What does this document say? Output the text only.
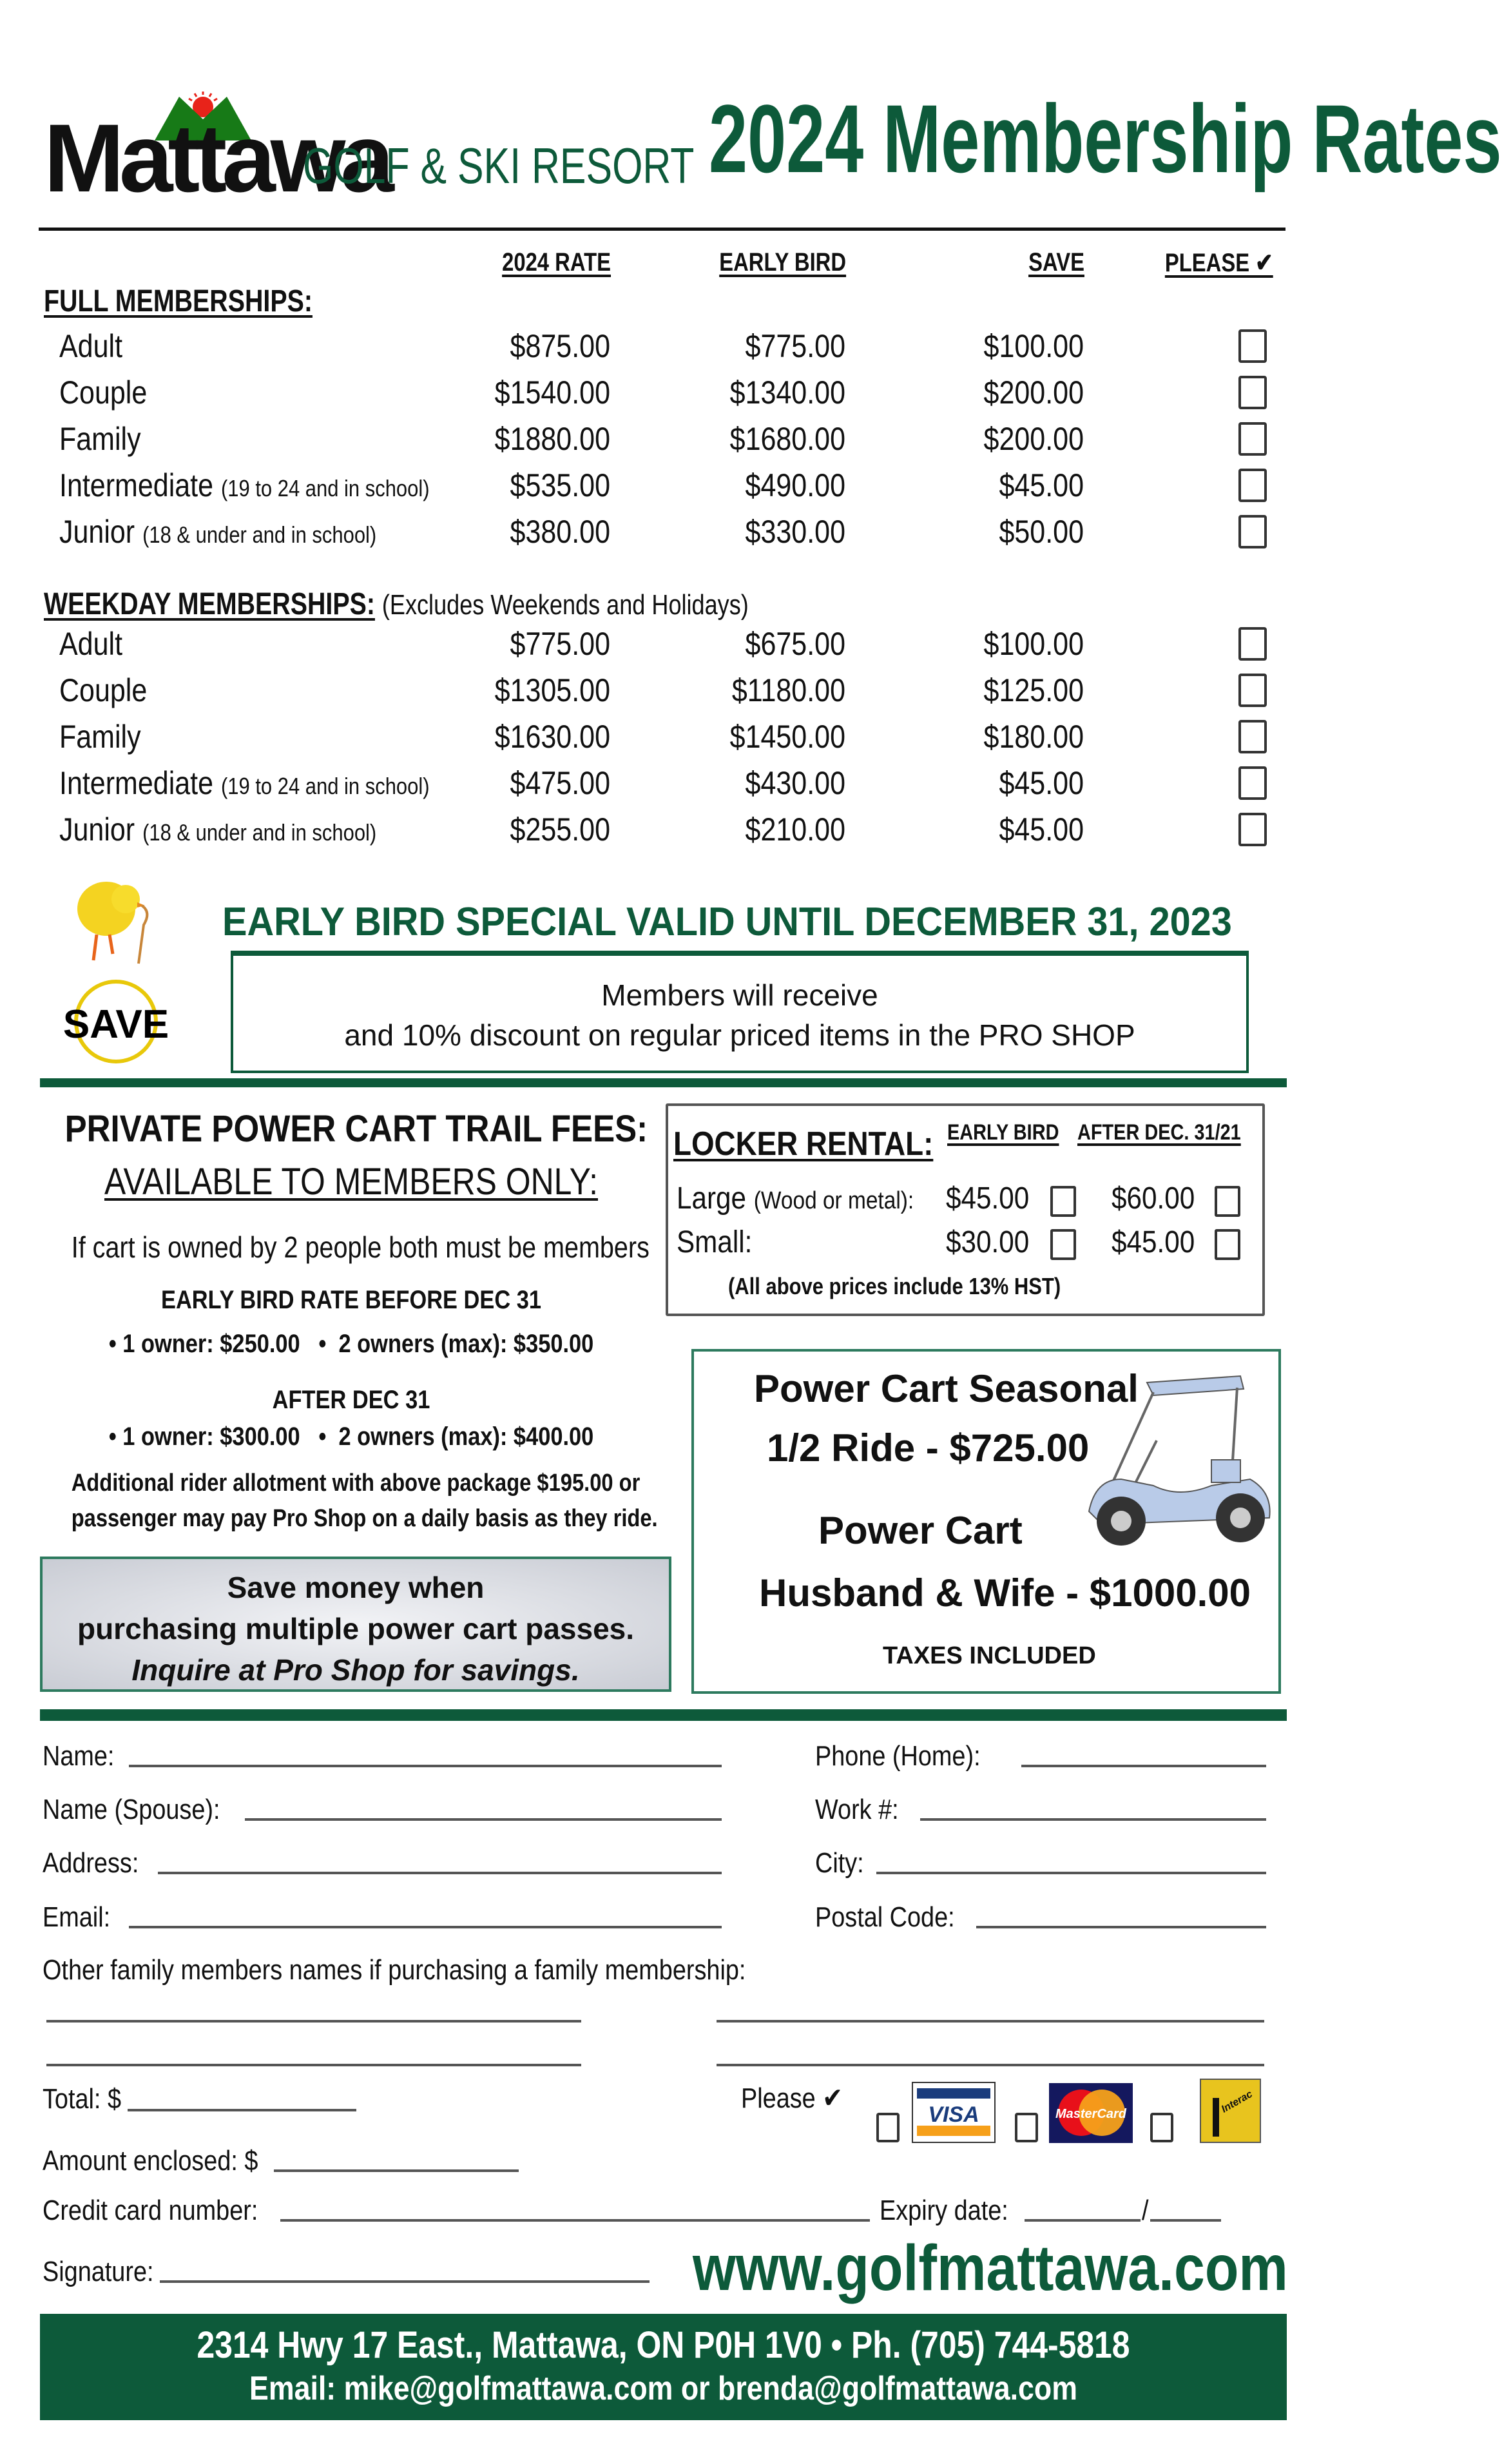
Mattawa
GOLF & SKI RESORT 2024 Membership Rates
2024 RATE	EARLY BIRD	SAVE	PLEASE ✔
FULL MEMBERSHIPS:
Adult	$875.00	$775.00	$100.00
Couple	$1540.00	$1340.00	$200.00
Family	$1880.00	$1680.00	$200.00
Intermediate (19 to 24 and in school)	$535.00	$490.00	$45.00
Junior (18 & under and in school)	$380.00	$330.00	$50.00
WEEKDAY MEMBERSHIPS: (Excludes Weekends and Holidays)
Adult	$775.00	$675.00	$100.00
Couple	$1305.00	$1180.00	$125.00
Family	$1630.00	$1450.00	$180.00
Intermediate (19 to 24 and in school)	$475.00	$430.00	$45.00
Junior (18 & under and in school)	$255.00	$210.00	$45.00
SAVE
EARLY BIRD SPECIAL VALID UNTIL DECEMBER 31, 2023
Members will receive
and 10% discount on regular priced items in the PRO SHOP
PRIVATE POWER CART TRAIL FEES:
AVAILABLE TO MEMBERS ONLY:
If cart is owned by 2 people both must be members
EARLY BIRD RATE BEFORE DEC 31
• 1 owner: $250.00   •  2 owners (max): $350.00
AFTER DEC 31
• 1 owner: $300.00   •  2 owners (max): $400.00
Additional rider allotment with above package $195.00 or
passenger may pay Pro Shop on a daily basis as they ride.
Save money when
purchasing multiple power cart passes.
Inquire at Pro Shop for savings.
LOCKER RENTAL: EARLY BIRD AFTER DEC. 31/21
Large (Wood or metal): $45.00	$60.00
Small:	$30.00	$45.00
(All above prices include 13% HST)
Power Cart Seasonal
1/2 Ride - $725.00
Power Cart
Husband & Wife - $1000.00
TAXES INCLUDED
Name:
Name (Spouse):
Address:
Email:
Phone (Home):
Work #:
City:
Postal Code:
Other family members names if purchasing a family membership:
Total: $
Amount enclosed: $
Credit card number:	Expiry date:	/
Signature:
Please ✔
VISA	MasterCard	Interac
www.golfmattawa.com
2314 Hwy 17 East., Mattawa, ON P0H 1V0 • Ph. (705) 744-5818
Email: mike@golfmattawa.com or brenda@golfmattawa.com
